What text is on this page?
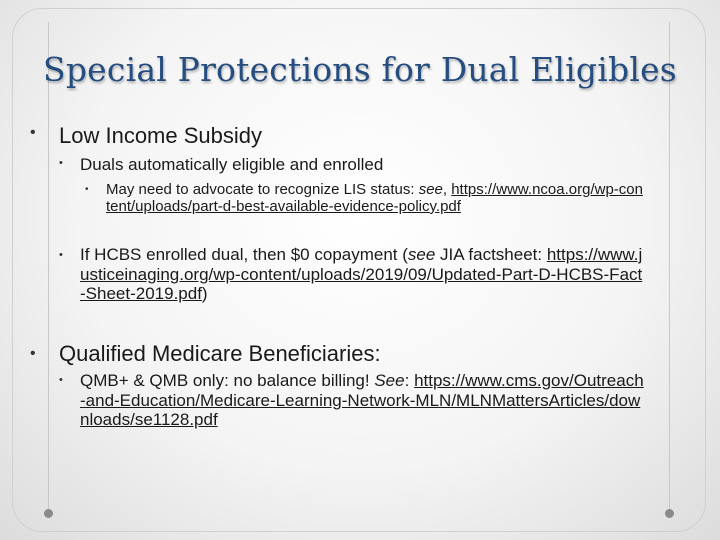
Special Protections for Dual Eligibles
• Low Income Subsidy
• Duals automatically eligible and enrolled
• May need to advocate to recognize LIS status: see, https://www.ncoa.org/wp-content/uploads/part-d-best-available-evidence-policy.pdf
• If HCBS enrolled dual, then $0 copayment (see JIA factsheet: https://www.justiceinaging.org/wp-content/uploads/2019/09/Updated-Part-D-HCBS-Fact-Sheet-2019.pdf)
• Qualified Medicare Beneficiaries:
• QMB+ & QMB only: no balance billing! See: https://www.cms.gov/Outreach-and-Education/Medicare-Learning-Network-MLN/MLNMattersArticles/downloads/se1128.pdf
